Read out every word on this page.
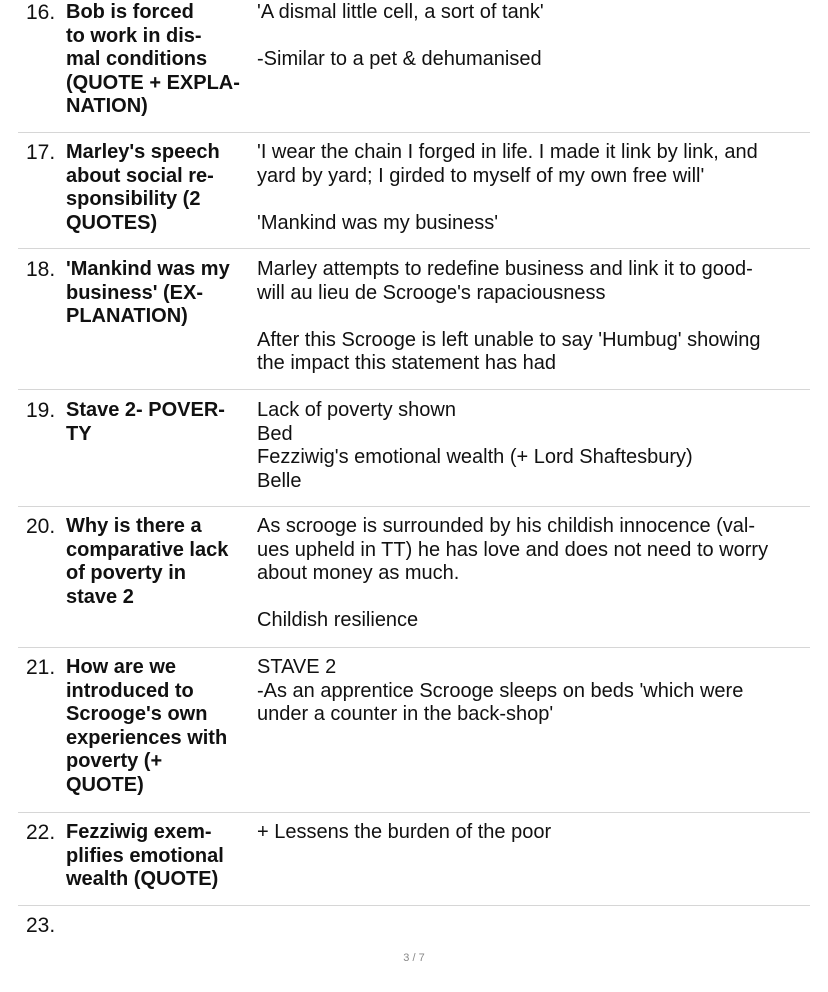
16. Bob is forced
to work in dis-
mal conditions
(QUOTE + EXPLA-
NATION)
'A dismal little cell, a sort of tank'

-Similar to a pet & dehumanised
17. Marley's speech
about social re-
sponsibility (2
QUOTES)
'I wear the chain I forged in life. I made it link by link, and
yard by yard; I girded to myself of my own free will'

'Mankind was my business'
18. 'Mankind was my
business' (EX-
PLANATION)
Marley attempts to redefine business and link it to good-
will au lieu de Scrooge's rapaciousness

After this Scrooge is left unable to say 'Humbug' showing
the impact this statement has had
19. Stave 2- POVER-
TY
Lack of poverty shown
Bed
Fezziwig's emotional wealth (+ Lord Shaftesbury)
Belle
20. Why is there a
comparative lack
of poverty in
stave 2
As scrooge is surrounded by his childish innocence (val-
ues upheld in TT) he has love and does not need to worry
about money as much.

Childish resilience
21. How are we
introduced to
Scrooge's own
experiences with
poverty (+
QUOTE)
STAVE 2
-As an apprentice Scrooge sleeps on beds 'which were
under a counter in the back-shop'
22. Fezziwig exem-
plifies emotional
wealth (QUOTE)
+ Lessens the burden of the poor
23.
3 / 7
